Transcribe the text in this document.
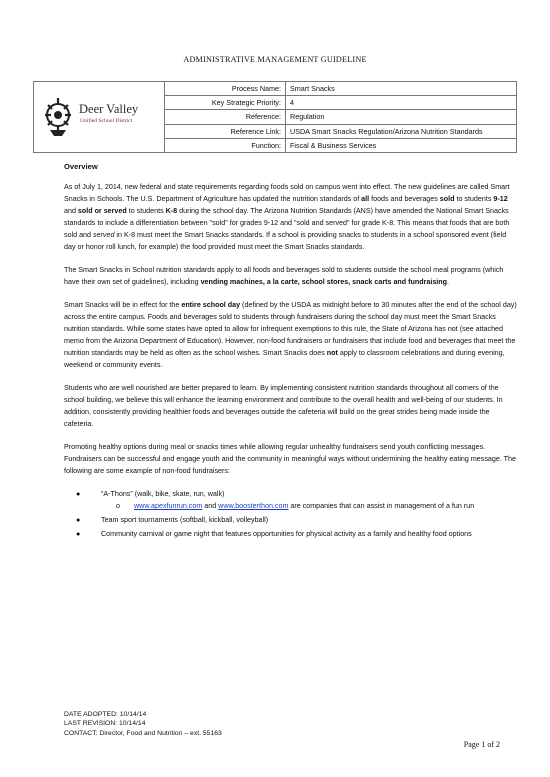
ADMINISTRATIVE MANAGEMENT GUIDELINE
Deer Valley
Unified School District
Process Name:	Smart Snacks
Key Strategic Priority:	4
Reference:	Regulation
Reference Link:	USDA Smart Snacks Regulation/Arizona Nutrition Standards
Function:	Fiscal & Business Services
Overview

As of July 1, 2014, new federal and state requirements regarding foods sold on campus went into effect. The new guidelines are called Smart Snacks in Schools. The U.S. Department of Agriculture has updated the nutrition standards of all foods and beverages sold to students 9-12 and sold or served to students K-8 during the school day. The Arizona Nutrition Standards (ANS) have amended the National Smart Snacks standards to include a differentiation between "sold" for grades 9-12 and "sold and served" for grade K-8. This means that foods that are both sold and served in K-8 must meet the Smart Snacks standards. If a school is providing snacks to students in a school sponsored event (field day or honor roll lunch, for example) the food provided must meet the Smart Snacks standards.

The Smart Snacks in School nutrition standards apply to all foods and beverages sold to students outside the school meal programs (which have their own set of guidelines), including vending machines, a la carte, school stores, snack carts and fundraising.

Smart Snacks will be in effect for the entire school day (defined by the USDA as midnight before to 30 minutes after the end of the school day) across the entire campus. Foods and beverages sold to students through fundraisers during the school day must meet the Smart Snacks nutrition standards. While some states have opted to allow for infrequent exemptions to this rule, the State of Arizona has not (see attached memo from the Arizona Department of Education). However, non-food fundraisers or fundraisers that include food and beverages that meet the nutrition standards may be held as often as the school wishes. Smart Snacks does not apply to classroom celebrations and during evening, weekend or community events.

Students who are well nourished are better prepared to learn. By implementing consistent nutrition standards throughout all corners of the school building, we believe this will enhance the learning environment and contribute to the overall health and well-being of our students. In addition, consistently providing healthier foods and beverages outside the cafeteria will build on the great strides being made inside the cafeteria.

Promoting healthy options during meal or snacks times while allowing regular unhealthy fundraisers send youth conflicting messages. Fundraisers can be successful and engage youth and the community in meaningful ways without undermining the healthy eating message. The following are some example of non-food fundraisers:

●	“A-Thons” (walk, bike, skate, run, walk)
o www.apexfunrun.com and www.boosterthon.com are companies that can assist in management of a fun run
●	Team sport tournaments (softball, kickball, volleyball)
●	Community carnival or game night that features opportunities for physical activity as a family and healthy food options
DATE ADOPTED: 10/14/14
LAST REVISION: 10/14/14
CONTACT: Director, Food and Nutrition – ext. 55163
Page 1 of 2
